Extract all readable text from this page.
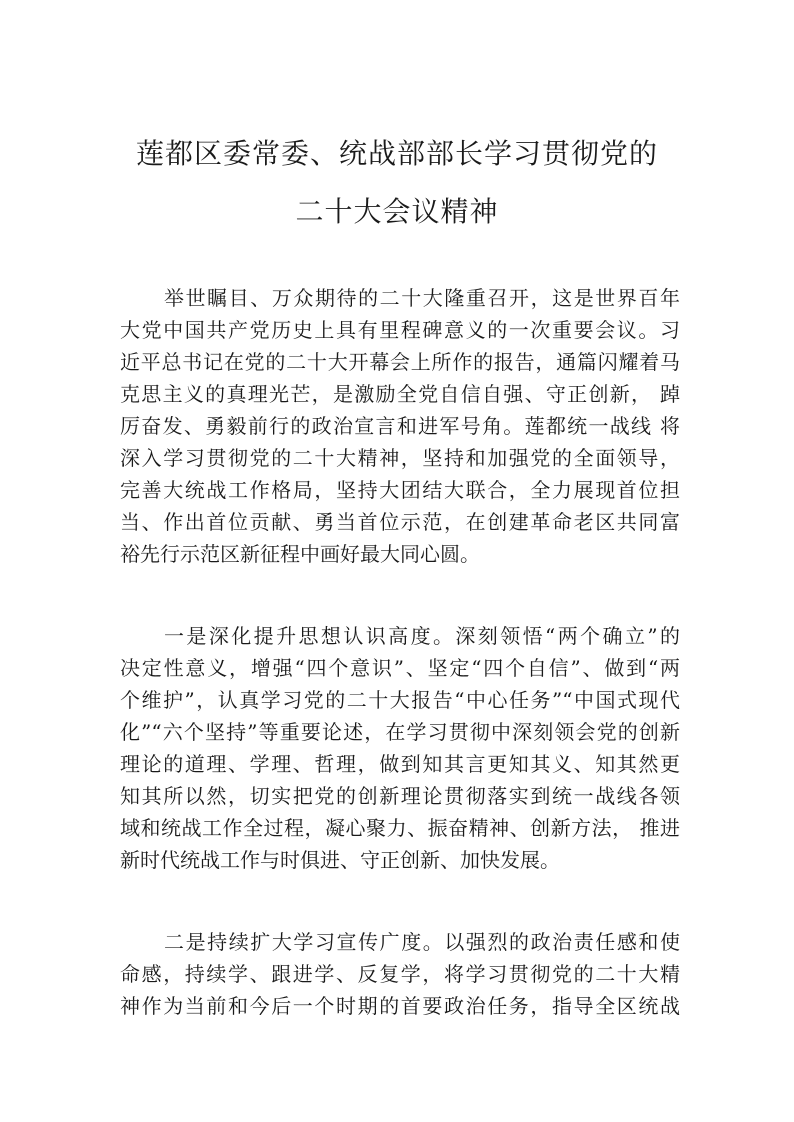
莲都区委常委、统战部部长学习贯彻党的
二十大会议精神
举世瞩目、万众期待的二十大隆重召开，这是世界百年
大党中国共产党历史上具有里程碑意义的一次重要会议。习
近平总书记在党的二十大开幕会上所作的报告，通篇闪耀着马
克思主义的真理光芒，是激励全党自信自强、守正创新， 踔
厉奋发、勇毅前行的政治宣言和进军号角。莲都统一战线 将
深入学习贯彻党的二十大精神，坚持和加强党的全面领导，
完善大统战工作格局，坚持大团结大联合，全力展现首位担
当、作出首位贡献、勇当首位示范，在创建革命老区共同富
裕先行示范区新征程中画好最大同心圆。
一是深化提升思想认识高度。深刻领悟“两个确立”的
决定性意义，增强“四个意识”、坚定“四个自信”、做到“两
个维护”，认真学习党的二十大报告“中心任务”“中国式现代
化”“六个坚持”等重要论述，在学习贯彻中深刻领会党的创新
理论的道理、学理、哲理，做到知其言更知其义、知其然更
知其所以然，切实把党的创新理论贯彻落实到统一战线各领
域和统战工作全过程，凝心聚力、振奋精神、创新方法， 推进
新时代统战工作与时俱进、守正创新、加快发展。
二是持续扩大学习宣传广度。以强烈的政治责任感和使
命感，持续学、跟进学、反复学，将学习贯彻党的二十大精
神作为当前和今后一个时期的首要政治任务，指导全区统战
